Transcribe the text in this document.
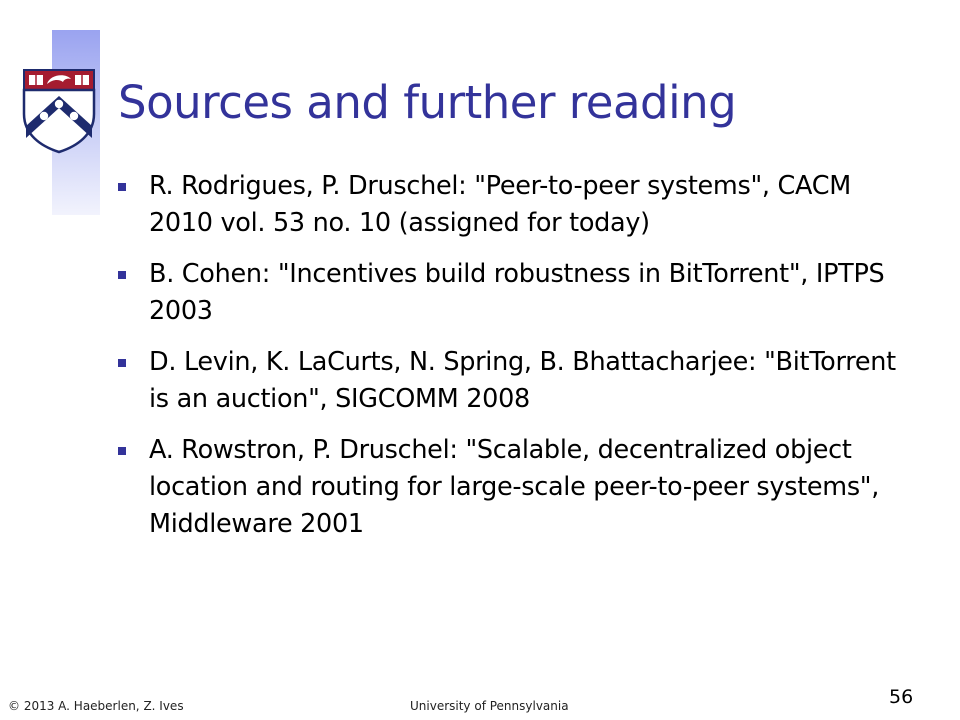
Sources and further reading
R. Rodrigues, P. Druschel: "Peer-to-peer systems", CACM 2010 vol. 53 no. 10 (assigned for today)
B. Cohen: "Incentives build robustness in BitTorrent", IPTPS 2003
D. Levin, K. LaCurts, N. Spring, B. Bhattacharjee: "BitTorrent is an auction", SIGCOMM 2008
A. Rowstron, P. Druschel: "Scalable, decentralized object location and routing for large-scale peer-to-peer systems", Middleware 2001
© 2013 A. Haeberlen, Z. Ives	University of Pennsylvania	56
